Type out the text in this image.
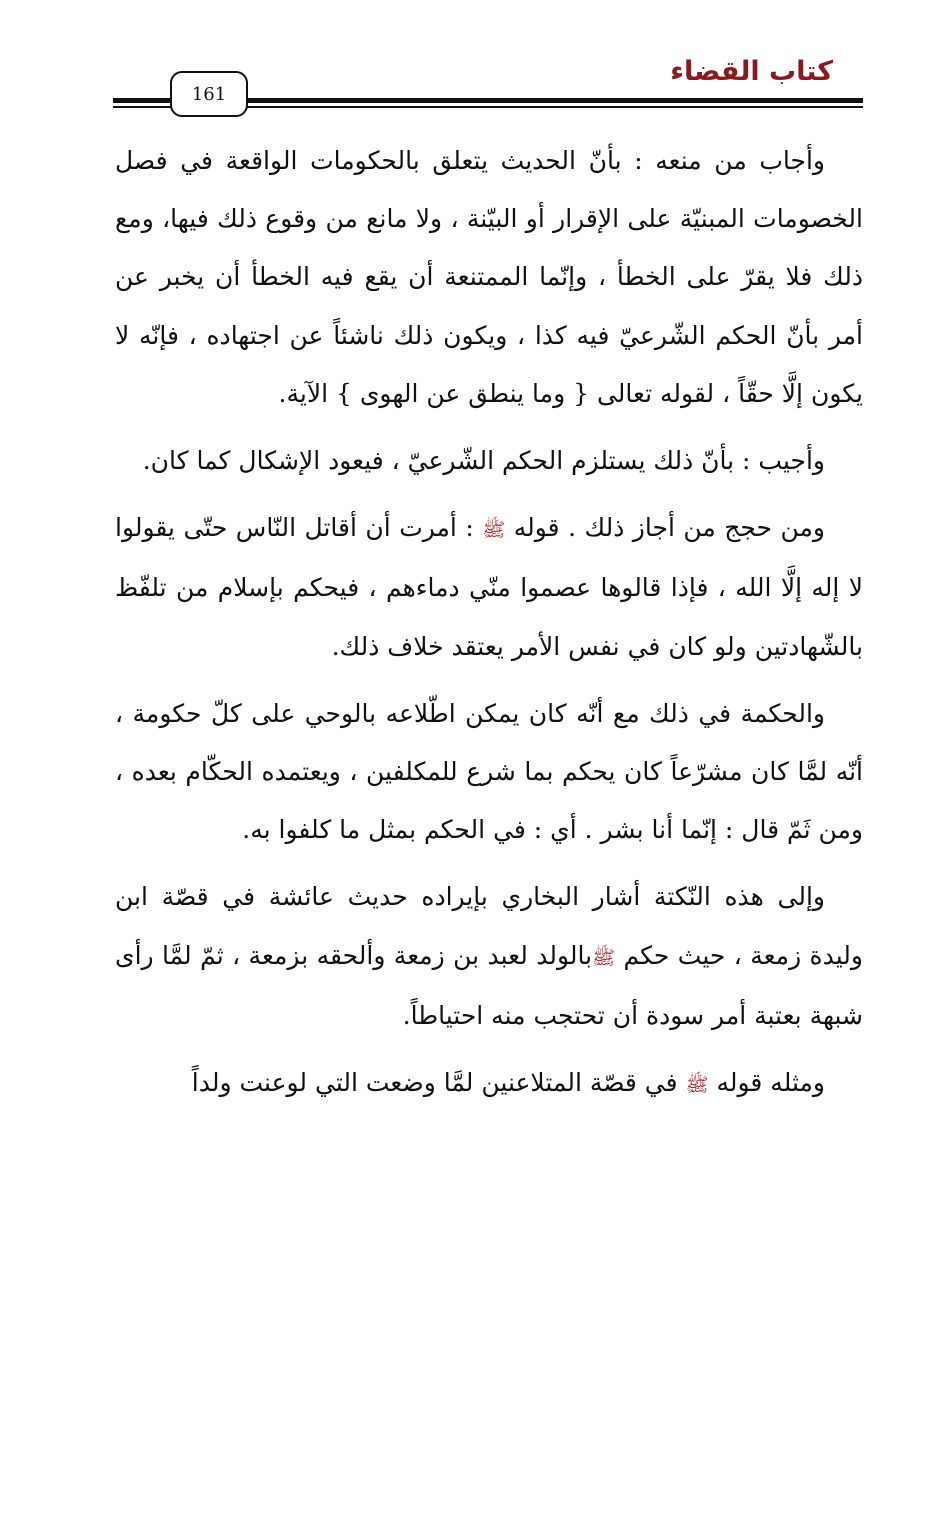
كتاب القضاء
161

وأجاب من منعه : بأنّ الحديث يتعلق بالحكومات الواقعة في فصل الخصومات المبنيّة على الإقرار أو البيّنة ، ولا مانع من وقوع ذلك فيها، ومع ذلك فلا يقرّ على الخطأ ، وإنّما الممتنعة أن يقع فيه الخطأ أن يخبر عن أمر بأنّ الحكم الشّرعيّ فيه كذا ، ويكون ذلك ناشئاً عن اجتهاده ، فإنّه لا يكون إلَّا حقّاً ، لقوله تعالى { وما ينطق عن الهوى } الآية.

وأجيب : بأنّ ذلك يستلزم الحكم الشّرعيّ ، فيعود الإشكال كما كان.

ومن حجج من أجاز ذلك . قوله ﷺ : أمرت أن أقاتل النّاس حتّى يقولوا لا إله إلَّا الله ، فإذا قالوها عصموا منّي دماءهم ، فيحكم بإسلام من تلفّظ بالشّهادتين ولو كان في نفس الأمر يعتقد خلاف ذلك.

والحكمة في ذلك مع أنّه كان يمكن اطّلاعه بالوحي على كلّ حكومة ، أنّه لمَّا كان مشرّعاً كان يحكم بما شرع للمكلفين ، ويعتمده الحكّام بعده ، ومن ثَمّ قال : إنّما أنا بشر . أي : في الحكم بمثل ما كلفوا به.

وإلى هذه النّكتة أشار البخاري بإيراده حديث عائشة في قصّة ابن وليدة زمعة ، حيث حكم ﷺبالولد لعبد بن زمعة وألحقه بزمعة ، ثمّ لمَّا رأى شبهة بعتبة أمر سودة أن تحتجب منه احتياطاً.

ومثله قوله ﷺ في قصّة المتلاعنين لمَّا وضعت التي لوعنت ولداً
